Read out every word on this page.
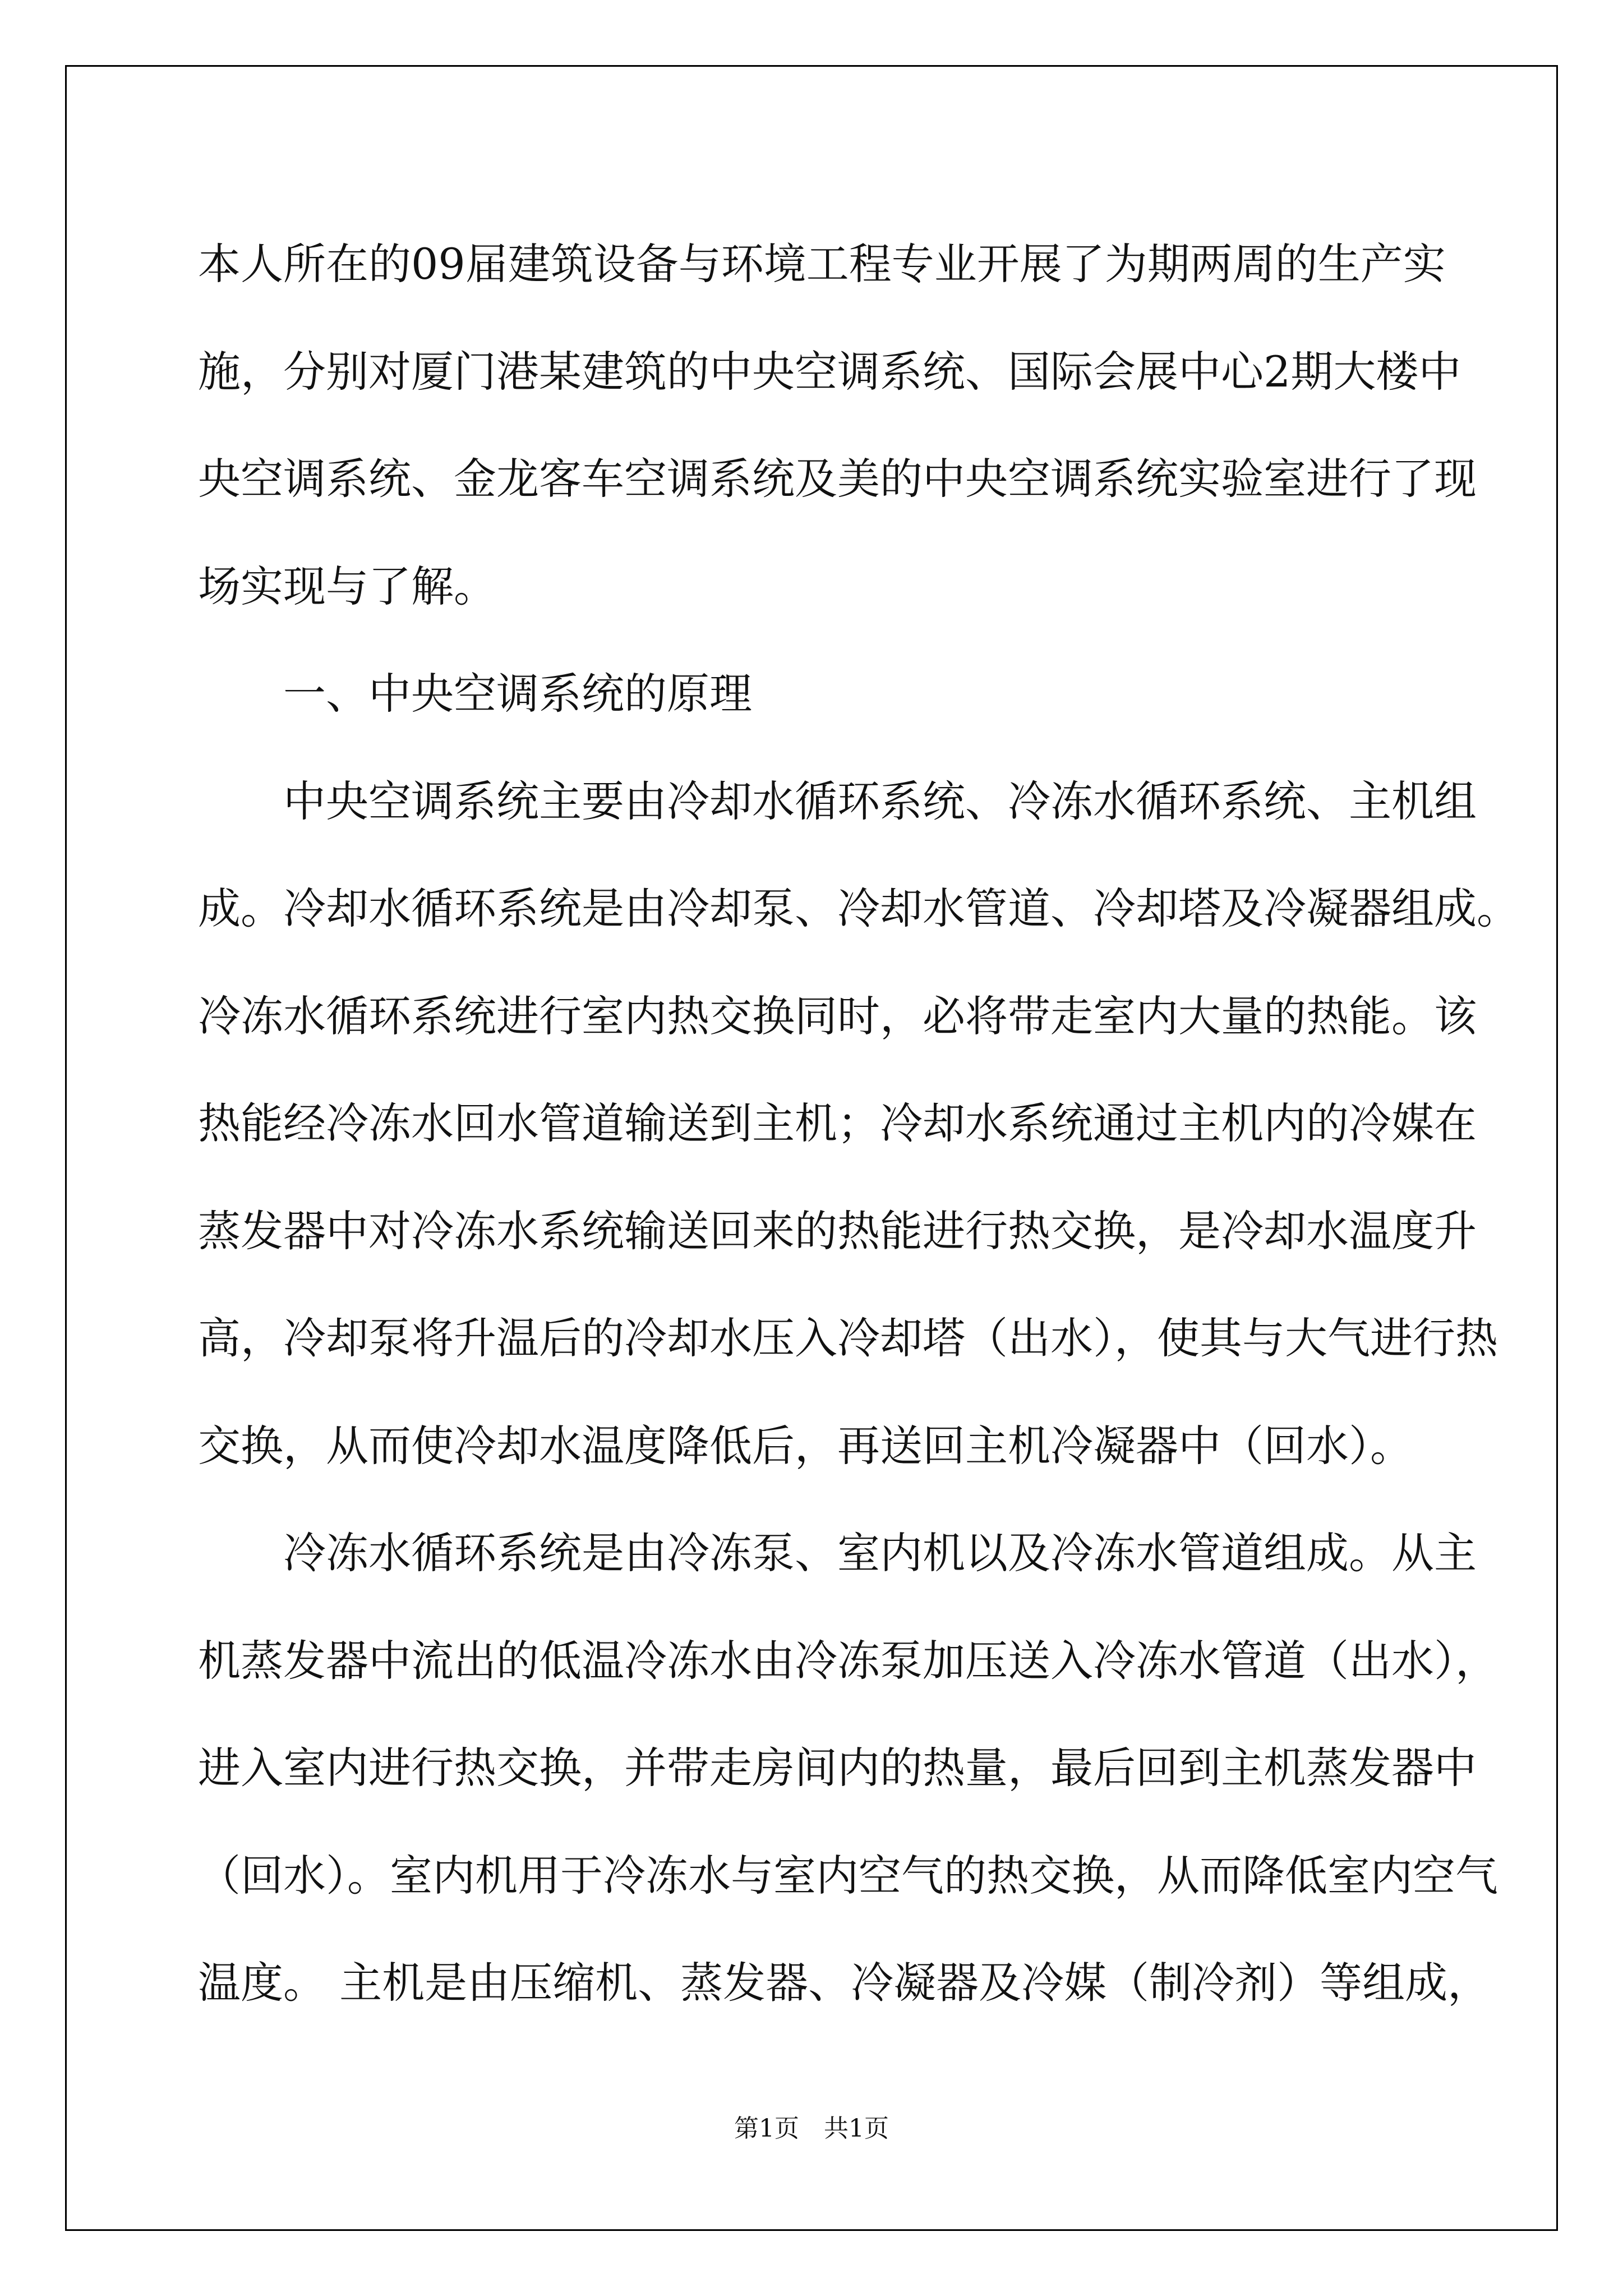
本人所在的09届建筑设备与环境工程专业开展了为期两周的生产实
施，分别对厦门港某建筑的中央空调系统、国际会展中心2期大楼中
央空调系统、金龙客车空调系统及美的中央空调系统实验室进行了现
场实现与了解。
一、中央空调系统的原理
中央空调系统主要由冷却水循环系统、冷冻水循环系统、主机组
成。冷却水循环系统是由冷却泵、冷却水管道、冷却塔及冷凝器组成。
冷冻水循环系统进行室内热交换同时，必将带走室内大量的热能。该
热能经冷冻水回水管道输送到主机；冷却水系统通过主机内的冷媒在
蒸发器中对冷冻水系统输送回来的热能进行热交换，是冷却水温度升
高，冷却泵将升温后的冷却水压入冷却塔（出水），使其与大气进行热
交换，从而使冷却水温度降低后，再送回主机冷凝器中（回水）。
冷冻水循环系统是由冷冻泵、室内机以及冷冻水管道组成。从主
机蒸发器中流出的低温冷冻水由冷冻泵加压送入冷冻水管道（出水），
进入室内进行热交换，并带走房间内的热量，最后回到主机蒸发器中
（回水）。室内机用于冷冻水与室内空气的热交换，从而降低室内空气
温度。 主机是由压缩机、蒸发器、冷凝器及冷媒（制冷剂）等组成，
第1页　共1页
